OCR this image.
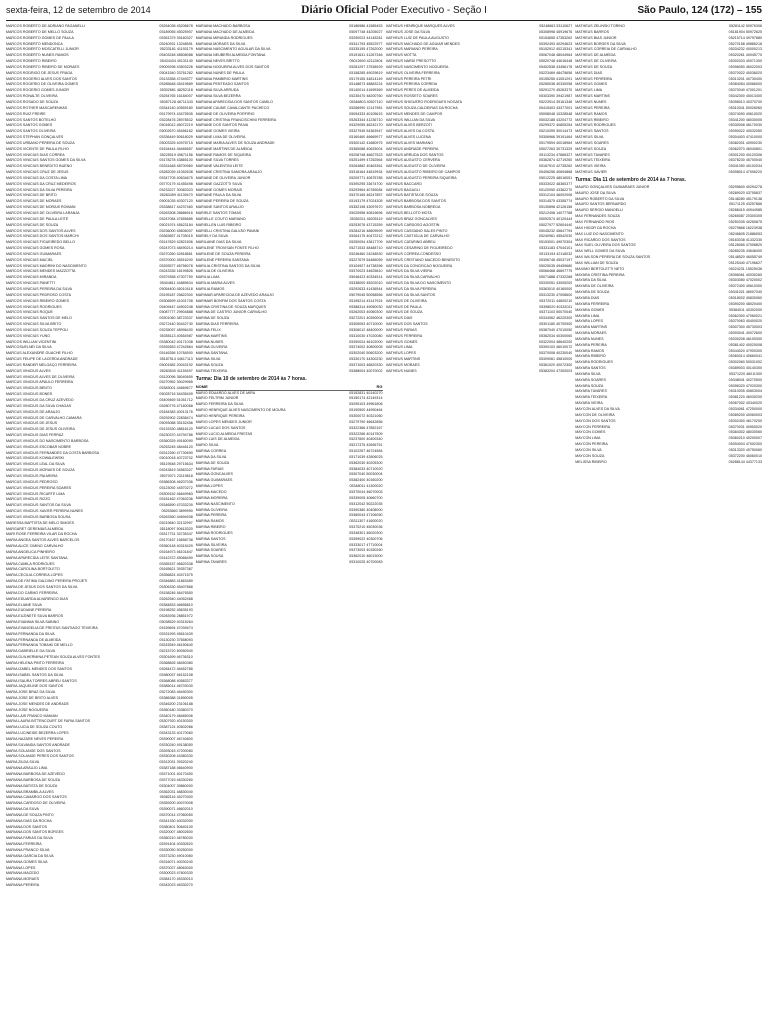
sexta-feira, 12 de setembro de 2014	Diário Oficial Poder Executivo - Seção I	São Paulo, 124 (172) – 155
MARCOS ROBERTO DE ADRIANO PAGANELLI	05264038 45206678
MARCOS ROBERTO DE MELLO SOUZA	05189055 45025907
MARCOS ROBERTO GOMES DE PAULA	05351379 39160327
MARCOS ROBERTO MENDONCA	05240931 13248591
MARCOS ROBERTO MOSCATELLI JUNIOR	05233181 41193179
MARCOS ROBERTO NUNES RAMOS	05403248 48508088
MARCOS ROBERTO RIBEIRO	05434434 40131140
MARCOS ROBERTO RIBEIRO DE MORAES	05009298 43503226
MARCOS RODRIGO DE JESUS FRAGA	05041540 33761262
MARCOS ROGERIO ALVES DOS SANTOS	05133358 47449377
MARCOS ROGERIO DE OLIVEIRA GOMES	05285648 45419689
MARCOS ROGERIO GOMES JUNIOR	05302681 48252118
MARCOS RONALTE OLIVEIRA	05254765 16184007
MARCOS ROSADO DE SOUZA	05357128 46711343
MARCOS ROTHER MASCARENHAS	05344140 40559180
MARCOS RUIZ FREIRE	05179974 43475505
MARCOS SANTOS BOTELHO	05228476 28978532
MARCOS SANTOS GOMES	05016012 46072219
MARCOS SANTOS OLIVEIRA	05002670 45456162
MARCOS STEPHAN GONÇALVES	05336449 50618029
MARCOS URBANO PEREIRA DE SOUZA	05003325 40978715
MARCOS VICENTE DE PAULA FILHO	05154444 46465657
MARCOS VINICIUS DIAS CORREA	05225019 49671156
MARCOS VINICIUS SANTOS GOMES DA SILVA	05178278 43865100
MARCOS VINICIUS BENEDITO BUENO	05331648 48700960
MARCOS VINICIUS CRUZ DE JESUS	05282039 41052638
MARCOS VINICIUS DA COSTA LIMA	05347705 40634675
MARCOS VINICIUS DA CRUZ MEDEIROS	05770179 41455498
MARCOS VINICIUS DA SILVA PEREIRA	05233227 30083323
MARCOS VINICIUS DE BRITO	05283459 41139470
MARCOS VINICIUS DE MORAES	05001035 40307120
MARCOS VINICIUS DE MORAIS ROMANI	05338817 44237460
MARCOS VINICIUS DE OLIVEIRA LARANJA	05263308 28686916
MARCOS VINICIUS DE PAULA LEITE	05247084 47655685
MARCOS VINICIUS DE SOUZA	05021974 45623184
MARCOS VINICIUS DOS SANTOS ALVES	05236000 45606007
MARCOS VINICIUS DOS SANTOS MARCHI	05363657 41705015
MARCOS VINICIUS FIGUEIREDO BELLO	05147829 42821506
MARCOS VINICIUS GOMES ROSA	05247073 48490214
MARCOS VINICIUS GUIMARAES	05270260 42818661
MARCOS VINICIUS MACIEL	05370000 45516200
MARCOS VINICIUS MADRINI DO NASCIMENTO	05393577 46756078
MARCOS VINICIUS MENDES MAZZOTTA	05243335 18199826
MARCOS VINICIUS MIRANDA	05379358 47307750
MARCOS VINICIUS PANETTI	05404811 44889634
MARCOS VINICIUS PEREIRA DA SILVA	05054400 45010418
MARCOS VINICIUS PEDROSO COSTA	05195187 25822300
MARCOS VINICIUS RIBEIRO GOMES	05306599 41001708
MARCOS VINICIUS RODRIGUES	05409447 44502248
MARCOS VINICIUS ROQUE	05087777 29904888
MARCOS VINICIUS SANTOS DE MELO	05301060 38723337
MARCOS VINICIUS SILVA BRITO	05272440 50442740
MARCOS VINICIUS SOUZA TEPPOLI	05235097 48996430
MARCOS VINICIUS YUNG	05355113 40554987
MARCOS WILLIAN VICENTINI	05380042 40171038
MARCOSUELNEI DA SILVA	05392653 47242864
MARCUS ALEXANDRE GUACHE FILHO	05146356 10784500
MARCUS FELIPE DE LACERDA ANDRADE	05187514 44617113
MARCUS RANDER MELGAÇO FERREIRA	05001582 20043192
MARCUS VINICIUS ALVES	05283540 41159497
MARCUS VINICIUS ALVES DE OLIVEIRA	05120096 36040659
MARCUS VINICIUS APAULO FERREIRA	05270952 30029965
MARCUS VINICIUS BENTO	05383001 44669677
MARCUS VINICIUS BONES	05028716 54435409
MARCUS VINICIUS DA CRUZ AZEVEDO	05409469 51051712
MARCUS VINICIUS DA SILVA CHAGAS	05280776 47160068
MARCUS VINICIUS DE ARAUJO	05184383 40013176
MARCUS VINICIUS DE CARVALHO CAMARA	05292902 22838474
MARCUS VINICIUS DE JESUS	05093088 35152456
MARCUS VINICIUS DE JESUS OLIVEIRA	05133330 48816120
MARCUS VINICIUS DIAS FERRAZ	05230370 44794766
MARCUS VINICIUS DO NASCIMENTO BARBOSA	05360339 49160090
MARCUS VINICIUS ESCOBAR NOBRE	05253245 48446120
MARCUS VINICIUS FERNANDES DA COSTA BARBOSA	05312260 47730690
MARCUS VINICIUS KOWALEWSKI	05010018 40723702
MARCUS VINICIUS LEAL DA SILVA	05119548 29715634
MARCUS VINICIUS MORAES DE SOUZA	05243819 34563327
MARCUS VINICIUS PALMEIRA	05070071 23119818
MARCUS VINICIUS PEDROSO	05386308 46207036
MARCUS VINICIUS PEREIRA SOARES	05123092 44570272
MARCUS VINICIUS RICARTE LIMA	05309152 46649983
MARCUS VINICIUS RIZZO	05181462 47063236
MARCUS VINICIUS SANTOS DA SILVA	05346590 47033239
MARCUS VINICIUS XAVIER PEREIRA NUNES	05253660 3899990
MARCUS VINICIUS BARBOSA SOUSA	05263360 44694938
MARESSA BAPTISTA DE MELO SIMOES	05219840 32132997
MARGARET GEREMIAS ALMEIDA	05118097 50615320
MARI ROSE FERREIRA VILAR DA ROCHA	05317731 33735347
MARIA ANGEA SANTOS ALVES BARCELOS	05170167 15658738
MARIA ALICE CIMINO CARVALHO	05360148 40315429
MARIA ANGELICA PINHEIRO	05164973 46101847
MARIA APARECIDA LEITE SANTANA	05142372 45066490
MARIA CAMILA RODRIGUES	05355157 46620338
MARIA CAROLINA BORTOLETO	05165621 39357367
MARIA CECILIA CORREIA LOPES	05356824 40471575
MARIA DE FATIMA GALDINO PEREIRA PROJETI	05346883 41863489
MARIA DE JESUS DOS SANTOS DA SILVA	05306330 45407868
MARIA DO CARMO FERREIRA	05158246 46476550
MARIA EDUARDA ALVARENGO DIAS	05262540 44052468
MARIA ELIANE SILVA	05384833 46656810
MARIA EUDIANE PEREIRA	05198252 45635193
MARIA EUZINETE SILVA BARROS	05283936 28851972
MARIA EVANNIA SILVA SABINO	05038529 40315264
MARIA EVANGELIA DE FREITAS SANTIAGO TEIXEIRA	05159694 47039474
MARIA FERNANDA DA SILVA	05331993 45610439
MARIA FERNANDA DE ALMEIDA	05130230 37658093
MARIA FERNANDA TOBAIKI DE MELLO	05315549 46150640
MARIA GABRIELLE DA SILVA	05215720 50050940
MARIA GUILHERMINA PETEAN SOUZA ALVES FONTES	05301699 46736310
MARIA HELENA PINTO FERREIRA	05368826 48450380
MARIA IZABEL MENDES DOS SANTOS	05284472 46452785
MARIA ISABEL SANTOS DA SILVA	05380037 46152108
MARIA ISAURA TORRES ABREU SANTOS	05368088 40583377
MARIA JAQUELINE DOS SANTOS	05385014 46703030
MARIA JOSE BRAZ DA SILVA	05272083 46490300
MARIA JOSE DE BRITO ALVES	05386388 31890005
MARIA JOSE MENDES DE ANDRADE	05346200 23106188
MARIA JOSE NOGUEIRA	05360180 33380370
MARIA LAIS FRANCO MANIAN	05340179 48465006
MARIA LAURA BITTENCOURT DE FARIA SANTOS	05307920 40150300
MARIA LUCIA DE SOUZA COUTO	05387124 40502066
MARIA LUCINEIDE BEZERRA LOPES	05343133 40170060
MARIA NAZARE NEVES PEREIRA	05390007 46740800
MARIA SILVANDA SANTOS ANDRADE	05330240 49138050
MARIA SOLANGE DOS SANTOS	05393015 47200060
MARIA SOLANGE PERES DOS SANTOS	05330208 44380330
MARIA ZILDA SILVA	05312031 39320240
MARIANA ARAUJO LIMA	05387188 46640900
MARIANA BARBOSA DE AZEVEDO	05371001 40170450
MARIANA BARBOSA DE SOUZA	05377015 46330260
MARIANA BATISTA DE SOUZA	05304007 39860000
MARIANA BRAMBILA ALVES	05362031 48830040
MARIANA CAMARGO DOS SANTOS	05382116 45270300
MARIANA CARDOSO DE OLIVEIRA	05359200 40070008
MARIANA DA SILVA	05390071 46602010
MARIANA DE SOUZA PINTO	05370014 47060050
MARIANA DIAS DA ROCHA	05341330 40032000
MARIANA DOS SANTOS	05380401 50640100
MARIANA DOS SANTOS BORGES	05320007 48002600
MARIANA FARIAS DA SILVA	05360210 46780030
MARIANA FERREIRA	05391404 40330520
MARIANA FRANCO SILVA	05330050 50250000
MARIANA GARCIA DA SILVA	05373230 49010060
MARIANA GOMES SILVA	05316071 40030240
MARIANA LOPES	05370027 48063000
MARIANA MACEDO	05300023 47600330
MARIANA MORAES	05384170 45330010
MARIANA PEREIRA	05342023 46330270
MARIANA MACHADO BARBOSA	05186986 41585453
MARIANA MACHADO DE ALMEIDA	05097748 44205027
MARIANA MIRANDA RODRIGUES	05290023 44145281
MARIANA MORAES DA SILVA	05341793 45522977
MARIANA NASCIMENTO AGUILAR DA SILVA	05335195 47262000
MARIANA NEUBERN ALMEIDA FONTANA	05191631 41267346
MARIANA NEVES BRITTO	05012690 42112804
MARIANA NOGUEIRA ALVES DOS SANTOS	05281297 37538929
MARIANA NUNES DE PAULA	05158285 49029819
MARIANA PAMBIRIO MARTINS	05179155 44814149
MARIANA PENTEADO SANTOS	05148673 48883224
MARIANA SILVA ARRUDA	05140014 41695369
MARIANA SILVA BEZERRA	05235470 48200760
MARIANA APARECIDA DOS SANTOS CAMILO	05346803 40527110
MARIANE CAUNE CAVALCANTE PACHECO	05266990 12147981
MARIANE DE OLIVEIRA PORFIRIO	05094333 40105615
MARIANE CRISTINA FRANCISCHINI FERREIRA	05263344 41236710
MARIANE DOS SANTOS PAIVA	05329055 46242170
MARIANE GOMES VIEIRA	05327945 54363947
MARIANE LIMA DE OLIVEIRA	05160460 46669977
MARIANE MARIA ALVES DE SOUZA ANDRADE	05300142 41680975
MARIANE MARTINS DE ALMEIDA	05365088 40625004
MARIANE RAMOS DE SIQUEIRA	05208748 46627523
MARIANE SILVA TORRES	05251499 47252564
MARIANE VALENTINI LEITE	05264882 40463361
MARIANE CRISTINA SAMORA ARAUJO	05318164 44819934
MARIANE DE OLIVEIRA JUNIOR	05209771 40875785
MARIANE GAZZOTTI SILVA	05390295 33674700
MARIANE GOMES MORAIS	05293964 40789084
MARIANE PAULA DA SILVA	05370165 46247857
MARIANE PEREIRA DE SOUZA	05193179 47024305
MARIANE SANTOS ARAUJO	05352198 43097670
MARIELE SANTOS TOMAS	05025958 40819696
MARIELLE COUTO MARIANO	05350311 46205119
MARIELLEN LUIS RIBEIRO	05253076 43715359
MARIELLI CRISTINA GALVÃO PAVANI	05284216 48609599
MARIELY DA SILVA	05264175 40472212
MARILAINE DIAS DA SILVA	05250094 43817709
MARILENE TROVISAN FONTE FILHO	05271533 48488710
MARILENE DE SOUZA PEREIRA	05246460 24248530
MARILENE PEREIRA SANTANA	05227679 54486059
MARILIA CRISTINA SANTOS DA SILVA	05104927 44738396
MARILIA DE OLIVEIRA	05370023 44625810
MARILIA LIMA	05048423 40334514
MARILIA MARIA ALVES	05338000 45202010
MARILIA RAMOS	05292633 41436544
MARIMAR APARECIDA DE AZEVEDO ARAUJO	05079045 50058556
MARIMAR BONFIM DOS SANTOS COSTA	05195214 43147924
MARINA CRISTINA DE SOUZA MARQUES	05386314 49050030
MARINA DE CASTRO JUNIOR CARVALHO	05262003 40060300
MARINA DE SOUZA	05272201 40390004
MARINA DIAS FERREIRA	05305053 40710000
MARINA FELIX	05306012 48400000
MARINA MARTINS	05310030 47020080
MARINA NUNES	05390024 46102000
MARINA OLIVEIRA	05374002 40800005
MARINA SANTANA	05302040 50603200
MARINA SILVA	05330170 44300230
MARINA SOUZA	05371003 46820330
MARINA TEIXEIRA	05388004 40070002
Turma: Dia 10 de setembro de 2014 às 7 horas.
NOME	RG
MARIO EDUARDO ALVES DE MIRA	05152831 40140270
MARIO FELTRIM JUNIOR	05150174 42149314
MARIO FERREIRA DA SILVA	05295103 49961806
MARIO HENRIQUE ALVES NASCIMENTO DE MOURA	05190500 44990464
MARIO HENRIQUE PEREIRA	05300072 40321060
MARIO LOPES MENDES JUNIOR	05279790 46642856
MARIO LUCAS DOS SANTOS	05322366 47852167
MARIO LUCIO ALMEIDA FREITAS	05322266 40147509
MARIO LUIS DE ALMEIDA	05237600 40400340
MARIO SILVA	05217375 42696751
MARINA CORREA	05102267 46724584
MARINA DA SILVA	05171039 42806025
MARINA DE SOUZA	05362030 40205300
MARINA FARIAS	05384033 40710020
MARINA GONCALVES	05307040 50030004
MARINA GUIMARAES	05382400 40160200
MARINA LOPES	05348011 41300020
MARINA MACEDO	05370044 46070003
MARINA MOREIRA	05339005 40660700
MARINA NASCIMENTO	05312042 50222035
MARINA OLIVEIRA	05390380 40408000
MARINA PEREIRA	05360043 47106050
MARINA RAMOS	05311307 41600020
MARINA RIBEIRO	05370210 45030036
MARINA RODRIGUES	05348301 46020300
MARINA SANTOS	05399022 40300706
MARINA SILVEIRA	05333017 47710004
MARINA SOARES	05373003 40150260
MARINA SOUSA	05362010 46013000
MARINA TAVARES	05310025 40700083
MATHEUS HENRIQUE MARQUES ALVES	05248663 53110627
MATHEUS JOSE DA SILVA	05308998 45919676
MATHEUS LUIZ DE PAULA AUGUSTO	05154655 47353262
MATHEUS MACHADO DE AGUIAR MENDES	05392493 40294623
MATHEUS MARIANO PEREIRA	05152912 40215341
MATHEUS MOTTA	05067048 48044964
MATHEUS NARDI PRESOTTO	05020748 44616448
MATHEUS NASCIMENTO NOGUEIRA	05402538 43456176
MATHEUS OLIVEIRA FERREIRA	05223469 48475656
MATHEUS PEREIRA PETRI	05155255 41051291
MATHEUS PEREIRA CORREIA	05265038 40330058
MATHEUS PERES DE ALMEIDA	05291270 45263370
MATHEUS ROSSETO SOARES	05303390 39421987
MATHEUS SHIGUERO RODRIGUES NOGATA	05223914 39161346
MATHEUS SOUZA CALDEIRAS DA ROCHA	05415403 43377001
MATHEUS MENDES DE CAMPOS	05098048 10328548
MATHEUS WILLIAN DA SILVA	05032188 43204772
MATHEUS ALVES BERZOTI	05295372 40805254
MATHEUS ALVES DA COSTA	05210399 30014473
MATHEUS ALVES LUCENA	05306966 39191464
MATHEUS ALVES MARIANO	05179594 40018984
MATHEUS ANDRADE PEREIRA	05027263 30731329
MATHEUS ARRUDA DOS SANTOS	05113234 47666327
MATHEUS AUGUSTO CERVERA	05362874 42719260
MATHEUS AUGUSTO DE OLIVEIRA	05167910 42735262
MATHEUS AUGUSTO RIBEIRO DE CAMPOS	05406256 40694868
MATHEUS AUGUSTO PEREIRA SIQUEIRA	05012225 48016051
MATHEUS BACCARO	05333022 48360377
MATHEUS BAGAGLI	05120050 43362270
MATHEUS BATISTA DE SOUZA	05312104 46002006
MATHEUS BARBOSA DOS SANTOS	05314575 43355774
MATHEUS BARBOSA NOBREGA	05130898 42126156
MATHEUS BELLOTO MOTA	05212498 14077768
MATHEUS BRAZ GONCALVES	05092574 40120444
MATHEUS CARDOSO AGOSTIN	05027977 52604440
MATHEUS CASSIANO SALES PINTO	05045232 45647794
MATHEUS CASTIGLIA DE CARVALHO	05240961 45542030
MATHEUS CATARINO ABREU	05153001 49070304
MATHEUS CESARINO DE FIGUEIREDO	05331183 47044101
MATHEUS CORREA CONDESSO	05133194 42116032
MATHEUS CRISTIANO MACEDO BENEDITO	05306748 45037197
MATHEUS DA CONCEICAO NOGUEIRA	05025035 49459680
MATHEUS DA SILVA VIEIRA	05066468 46697779
MATHEUS DA SILVA CARVALHO	05071888 47332268
MATHEUS DA SILVA DO NASCIMENTO	05330051 43005200
MATHEUS DA SILVA PEREIRA	05363010 40160000
MATHEUS DA SILVA SANTOS	05313230 47008600
MATHEUS DE OLIVEIRA	05372011 44600210
MATHEUS DE PAULA	05398020 40333011
MATHEUS DE SOUZA	05371103 50070040
MATHEUS DIAS	05334062 46220300
MATHEUS DOS SANTOS	05301180 40700900
MATHEUS FARIAS	05387040 47010050
MATHEUS FERREIRA	05362034 40300060
MATHEUS GOMES	05322004 48640200
MATHEUS LIMA	05390103 46010072
MATHEUS LOPES	05370008 40230040
MATHEUS MARTINS	05309061 45810000
MATHEUS MORAES	05361020 40072300
MATHEUS NUNES	05383204 47300003
MATHEUS ZELINSKI TORINO	05281142 50976306
MATHEUS BARROS	05181904 50972625
MATHEUS BIAS JUNIOR	05215714 49797880
MATHEUS BORGES DA SILVA	05270158 49866218
MATHEUS CORREIA DE CARVALHO	05334232 40000213
MATHEUS DE ALMEIDA	05320261 40045770
MATHEUS DE OLIVEIRA	05302033 40071300
MATHEUS DE SOUZA	05396050 46022003
MATHEUS DIAS	05370022 40036020
MATHEUS FERREIRA	05313201 40730400
MATHEUS GOMES	05384054 40066000
MATHEUS LIMA	05370040 47001201
MATHEUS MARTINS	05342300 45013400
MATHEUS NUNES	05398013 40370700
MATHEUS PEREIRA	05310041 50026060
MATHEUS RAMOS	05374090 40610020
MATHEUS RIBEIRO	05341200 48030005
MATHEUS RODRIGUES	05330008 46170030
MATHEUS SANTOS	05390022 40032050
MATHEUS SILVA	05304403 47410000
MATHEUS SOARES	05382001 40900230
MATHEUS SOUZA	05362070 46040801
MATHEUS TAVARES	05301200 40120306
MATHEUS TEIXEIRA	05378230 45700040
MATHEUS VIEIRA	05341050 40102034
MATHEUS XAVIER	05398014 47006220
Turma: Dia 11 de setembro de 2014 às 7 horas.
MAURO GONÇALVES GUIMARAES JUNIOR	05295600 40294278
MAURO JOSE DA SILVA	05289020 43755837
MAURO ROBERTO DA SILVA	05148280 45179138
MAURO SANTOS BERNARDO	05171125 43257866
MAURO SERGIO MANOELLI	05288415 40944985
MAX FERNANDES SOUZA	05265087 20300305
MAX FERNANDO RIOS	05250335 40250875
MAX HIGOR DA ROCHA	05279868 16223938
MAX LUIZ DO NASCIMENTO	05246605 21886053
MAX RICARDO DOS SANTOS	05163038 41332330
MAX SUEL OLIVEIRA DOS SANTOS	05128065 47008829
MAX WELL GOMES DA SILVA	05285235 43648400
MAX WILSON PEREIRA DE SOUZA SANTOS	05148520 46055749
MAX WILLIAN DE SOUZA	05125440 47196627
MAXIMO BERTOLETTI NETO	05224231 15525036
MAYARA CRISTINA PEREIRA	05396061 40030260
MAYARA DA SILVA	05303080 47020002
MAYARA DE OLIVEIRA	05372400 40610300
MAYARA DE SOUZA	05341021 46007040
MAYARA DIAS	05318002 40830060
MAYARA FERREIRA	05390200 48020400
MAYARA GOMES	05384011 40302000
MAYARA LIMA	05362300 47060021
MAYARA LOPES	05370063 40400020
MAYARA MARTINS	05307300 45730003
MAYARA MORAES	05393041 40072600
MAYARA NUNES	05330208 46100300
MAYARA PEREIRA	05381402 40020008
MAYARA RAMOS	05344020 47900300
MAYARA RIBEIRO	05360014 40660041
MAYARA RODRIGUES	05302060 50031002
MAYARA SANTOS	05389003 40140300
MAYARA SILVA	05371220 46011300
MAYARA SOARES	05348041 40270500
MAYARA SOUZA	05396320 47020300
MAYARA TAVARES	05310005 40803004
MAYARA TEIXEIRA	05381220 46030200
MAYARA VIEIRA	05367002 40340020
MAYCON ALVES DA SILVA	05334061 47250000
MAYCON DE OLIVEIRA	05389200 40060003
MAYCON DOS SANTOS	05302400 46170200
MAYCON FERREIRA	05370031 40900020
MAYCON GOMES	05384302 48030060
MAYCON LIMA	05360210 40200007
MAYCON PEREIRA	05394004 47002300
MAYCON SILVA	05313320 40750060
MAYCON SOUZA	05372200 46060010
MELISSA RIBEIRO	05288144 44377133
